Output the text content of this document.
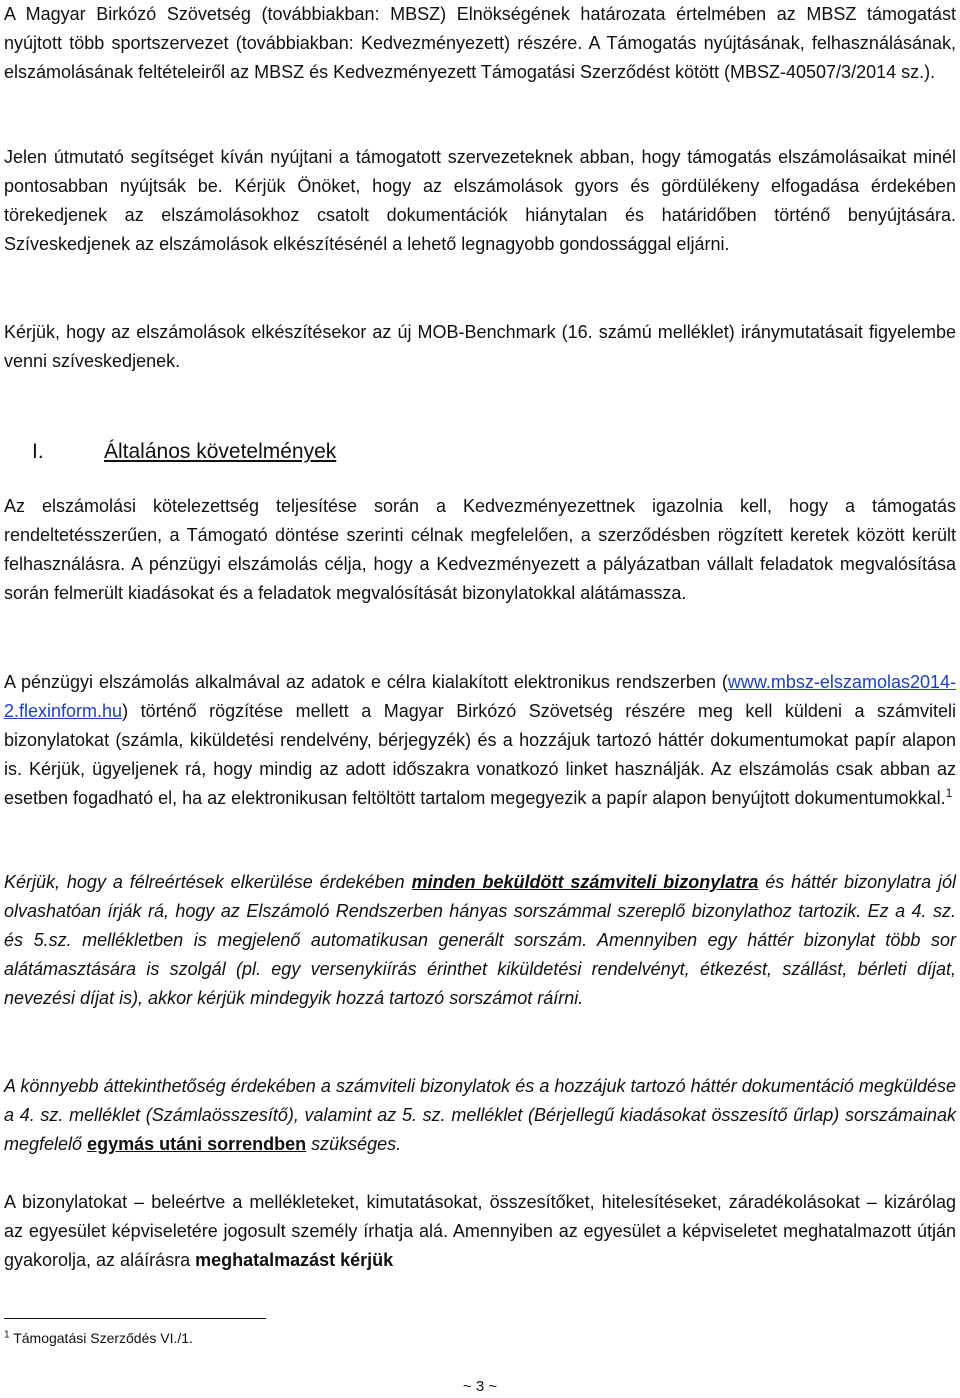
A Magyar Birkózó Szövetség (továbbiakban: MBSZ) Elnökségének határozata értelmében az MBSZ támogatást nyújtott több sportszervezet (továbbiakban: Kedvezményezett) részére. A Támogatás nyújtásának, felhasználásának, elszámolásának feltételeiről az MBSZ és Kedvezményezett Támogatási Szerződést kötött (MBSZ-40507/3/2014 sz.).

Jelen útmutató segítséget kíván nyújtani a támogatott szervezeteknek abban, hogy támogatás elszámolásaikat minél pontosabban nyújtsák be. Kérjük Önöket, hogy az elszámolások gyors és gördülékeny elfogadása érdekében törekedjenek az elszámolásokhoz csatolt dokumentációk hiánytalan és határidőben történő benyújtására. Szíveskedjenek az elszámolások elkészítésénél a lehető legnagyobb gondossággal eljárni.

Kérjük, hogy az elszámolások elkészítésekor az új MOB-Benchmark (16. számú melléklet) iránymutatásait figyelembe venni szíveskedjenek.

I.	Általános követelmények

Az elszámolási kötelezettség teljesítése során a Kedvezményezettnek igazolnia kell, hogy a támogatás rendeltetésszerűen, a Támogató döntése szerinti célnak megfelelően, a szerződésben rögzített keretek között került felhasználásra. A pénzügyi elszámolás célja, hogy a Kedvezményezett a pályázatban vállalt feladatok megvalósítása során felmerült kiadásokat és a feladatok megvalósítását bizonylatokkal alátámassza.

A pénzügyi elszámolás alkalmával az adatok e célra kialakított elektronikus rendszerben (www.mbsz-elszamolas2014-2.flexinform.hu) történő rögzítése mellett a Magyar Birkózó Szövetség részére meg kell küldeni a számviteli bizonylatokat (számla, kiküldetési rendelvény, bérjegyzék) és a hozzájuk tartozó háttér dokumentumokat papír alapon is. Kérjük, ügyeljenek rá, hogy mindig az adott időszakra vonatkozó linket használják. Az elszámolás csak abban az esetben fogadható el, ha az elektronikusan feltöltött tartalom megegyezik a papír alapon benyújtott dokumentumokkal.$^1$

Kérjük, hogy a félreértések elkerülése érdekében minden beküldött számviteli bizonylatra és háttér bizonylatra jól olvashatóan írják rá, hogy az Elszámoló Rendszerben hányas sorszámmal szereplő bizonylathoz tartozik. Ez a 4. sz. és 5.sz. mellékletben is megjelenő automatikusan generált sorszám. Amennyiben egy háttér bizonylat több sor alátámasztására is szolgál (pl. egy versenykiírás érinthet kiküldetési rendelvényt, étkezést, szállást, bérleti díjat, nevezési díjat is), akkor kérjük mindegyik hozzá tartozó sorszámot ráírni.

A könnyebb áttekinthetőség érdekében a számviteli bizonylatok és a hozzájuk tartozó háttér dokumentáció megküldése a 4. sz. melléklet (Számlaösszesítő), valamint az 5. sz. melléklet (Bérjellegű kiadásokat összesítő űrlap) sorszámainak megfelelő egymás utáni sorrendben szükséges.

A bizonylatokat – beleértve a mellékleteket, kimutatásokat, összesítőket, hitelesítéseket, záradékolásokat – kizárólag az egyesület képviseletére jogosult személy írhatja alá. Amennyiben az egyesület a képviseletet meghatalmazott útján gyakorolja, az aláírásra meghatalmazást kérjük

$^1$ Támogatási Szerződés VI./1.
~ 3 ~
